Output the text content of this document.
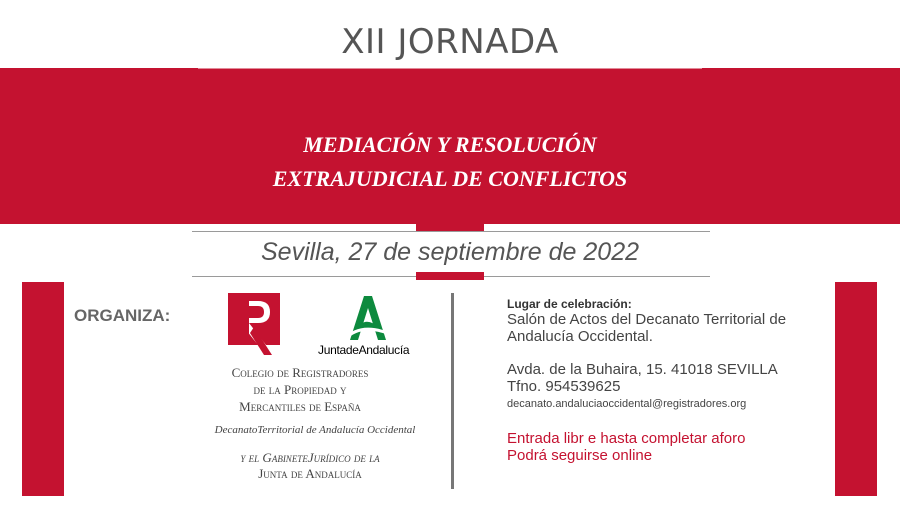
XII JORNADA
MEDIACIÓN Y RESOLUCIÓN
EXTRAJUDICIAL DE CONFLICTOS
Sevilla, 27 de septiembre de 2022
ORGANIZA:
JuntadeAndalucía
Colegio de Registradores
de la Propiedad y
Mercantiles de España
DecanatoTerritorial de Andalucía Occidental
y el GabineteJurídico de la
Junta de Andalucía
Lugar de celebración:
Salón de Actos del Decanato Territorial de
Andalucía Occidental.
Avda. de la Buhaira, 15. 41018 SEVILLA
Tfno. 954539625
decanato.andaluciaoccidental@registradores.org
Entrada libr e hasta completar aforo
Podrá seguirse online
